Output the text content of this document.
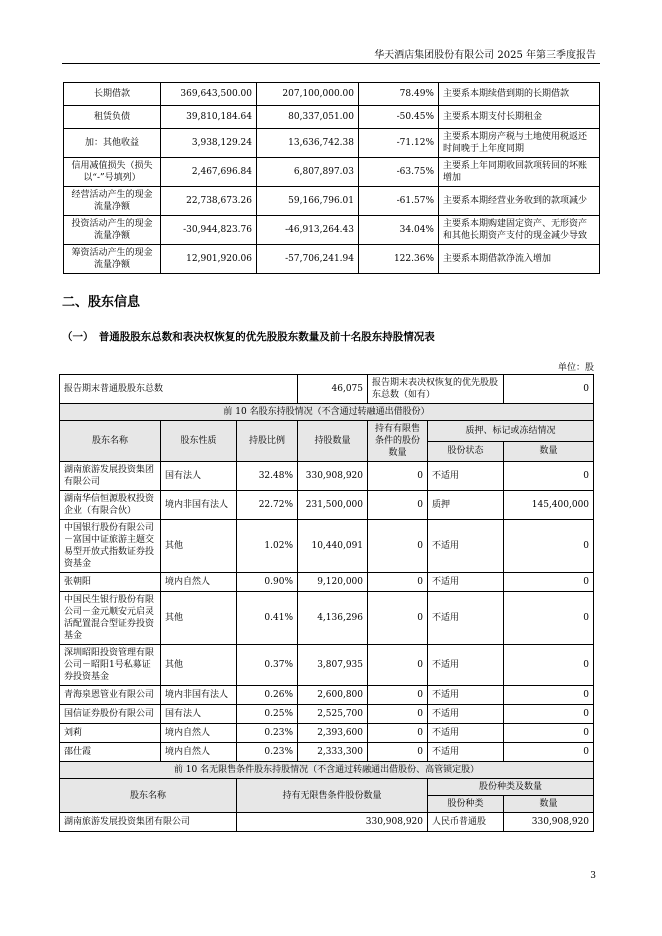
华天酒店集团股份有限公司 2025 年第三季度报告
长期借款	369,643,500.00	207,100,000.00	78.49%	主要系本期续借到期的长期借款
租赁负债	39,810,184.64	80,337,051.00	-50.45%	主要系本期支付长期租金
加：其他收益	3,938,129.24	13,636,742.38	-71.12%	主要系本期房产税与土地使用税返还时间晚于上年度同期
信用减值损失（损失以“-”号填列）	2,467,696.84	6,807,897.03	-63.75%	主要系上年同期收回款项转回的坏账增加
经营活动产生的现金流量净额	22,738,673.26	59,166,796.01	-61.57%	主要系本期经营业务收到的款项减少
投资活动产生的现金流量净额	-30,944,823.76	-46,913,264.43	34.04%	主要系本期购建固定资产、无形资产和其他长期资产支付的现金减少导致
筹资活动产生的现金流量净额	12,901,920.06	-57,706,241.94	122.36%	主要系本期借款净流入增加
二、股东信息
（一）　普通股股东总数和表决权恢复的优先股股东数量及前十名股东持股情况表
单位：股
报告期末普通股股东总数			46,075	报告期末表决权恢复的优先股股东总数（如有）		0
前 10 名股东持股情况（不含通过转融通出借股份）						
股东名称	股东性质	持股比例	持股数量	持有有限售条件的股份数量	质押、标记或冻结情况	
					股份状态	数量
湖南旅游发展投资集团有限公司	国有法人	32.48%	330,908,920	0	不适用	0
湖南华信恒源股权投资企业（有限合伙）	境内非国有法人	22.72%	231,500,000	0	质押	145,400,000
中国银行股份有限公司－富国中证旅游主题交易型开放式指数证券投资基金	其他	1.02%	10,440,091	0	不适用	0
张朝阳	境内自然人	0.90%	9,120,000	0	不适用	0
中国民生银行股份有限公司－金元顺安元启灵活配置混合型证券投资基金	其他	0.41%	4,136,296	0	不适用	0
深圳昭阳投资管理有限公司－昭阳1号私募证券投资基金	其他	0.37%	3,807,935	0	不适用	0
青海泉恩管业有限公司	境内非国有法人	0.26%	2,600,800	0	不适用	0
国信证券股份有限公司	国有法人	0.25%	2,525,700	0	不适用	0
刘莉	境内自然人	0.23%	2,393,600	0	不适用	0
邵仕霞	境内自然人	0.23%	2,333,300	0	不适用	0
前 10 名无限售条件股东持股情况（不含通过转融通出借股份、高管锁定股）						
股东名称		持有无限售条件股份数量			股份种类及数量	
					股份种类	数量
湖南旅游发展投资集团有限公司		330,908,920			人民币普通股	330,908,920
3
